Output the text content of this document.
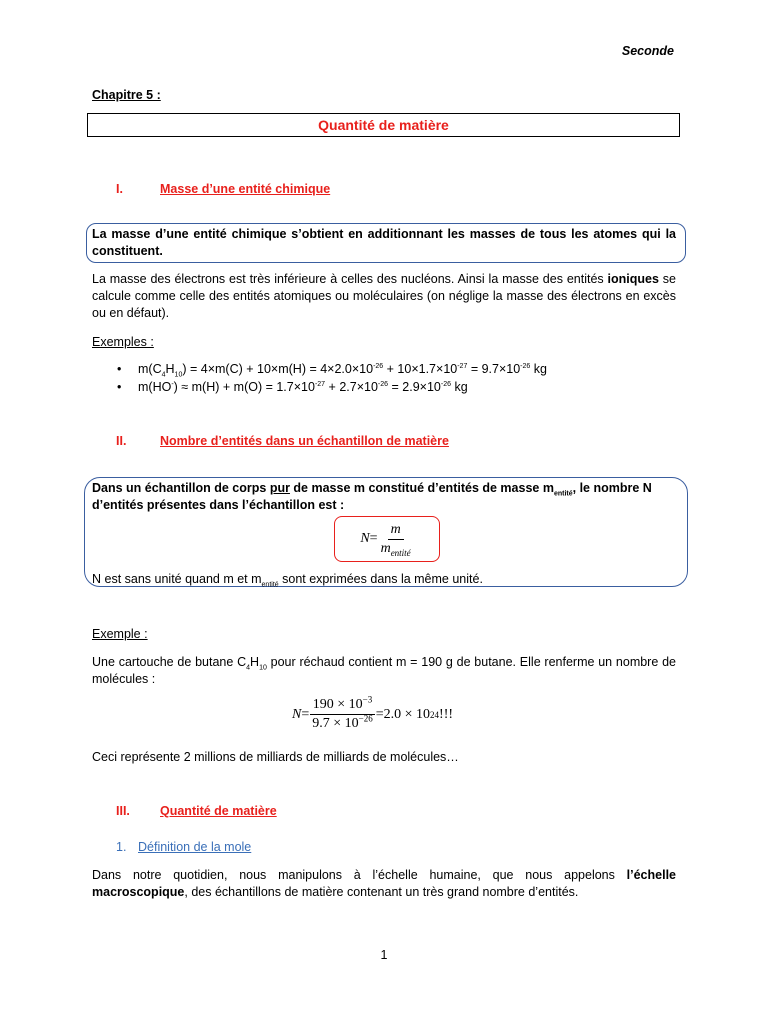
Seconde
Chapitre 5 :
Quantité de matière
I.	Masse d’une entité chimique
La masse d’une entité chimique s’obtient en additionnant les masses de tous les atomes qui la constituent.
La masse des électrons est très inférieure à celles des nucléons. Ainsi la masse des entités ioniques se calcule comme celle des entités atomiques ou moléculaires (on néglige la masse des électrons en excès ou en défaut).
Exemples :
• $m(C_4H_{10}) = 4\times m(C) + 10\times m(H) = 4\times 2.0\times 10^{-26} + 10\times 1.7\times 10^{-27} = 9.7\times 10^{-26}$ kg
• $m(HO^-) \approx m(H) + m(O) = 1.7\times 10^{-27} + 2.7\times 10^{-26} = 2.9\times 10^{-26}$ kg
II.	Nombre d’entités dans un échantillon de matière
Dans un échantillon de corps pur de masse m constitué d’entités de masse $m_{entité}$, le nombre N
d’entités présentes dans l’échantillon est :
$N = \frac{m}{m_{entité}}$
N est sans unité quand m et $m_{entité}$ sont exprimées dans la même unité.
Exemple :
Une cartouche de butane $C_4H_{10}$ pour réchaud contient m = 190 g de butane. Elle renferme un nombre de molécules :
$N = \frac{190 \times 10^{-3}}{9.7 \times 10^{-26}} =2.0 \times 10$ 24 !!!
Ceci représente 2 millions de milliards de milliards de molécules…
III. Quantité de matière
1. Définition de la mole
Dans notre quotidien, nous manipulons à l’échelle humaine, que nous appelons l’échelle macroscopique, des échantillons de matière contenant un très grand nombre d’entités.
1
